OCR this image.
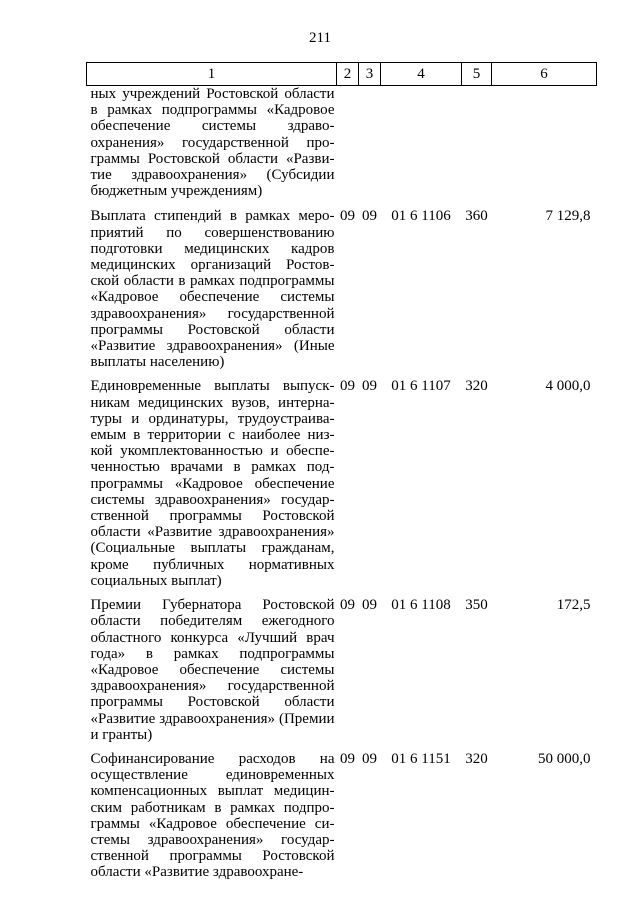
211
1	2	3	4	5	6
ных учреждений Ростовской области в рамках подпрограммы «Кадровое обеспечение системы здравоохранения» государственной программы Ростовской области «Развитие здравоохранения» (Субсидии бюджетным учреждениям)					
Выплата стипендий в рамках мероприятий по совершенствованию подготовки медицинских кадров медицинских организаций Ростовской области в рамках подпрограммы «Кадровое обеспечение системы здравоохранения» государственной программы Ростовской области «Развитие здравоохранения» (Иные выплаты населению)	09	09	01 6 1106	360	7 129,8
Единовременные выплаты выпускникам медицинских вузов, интернатуры и ординатуры, трудоустраиваемым в территории с наиболее низкой укомплектованностью и обеспеченностью врачами в рамках подпрограммы «Кадровое обеспечение системы здравоохранения» государственной программы Ростовской области «Развитие здравоохранения» (Социальные выплаты гражданам, кроме публичных нормативных социальных выплат)	09	09	01 6 1107	320	4 000,0
Премии Губернатора Ростовской области победителям ежегодного областного конкурса «Лучший врач года» в рамках подпрограммы «Кадровое обеспечение системы здравоохранения» государственной программы Ростовской области «Развитие здравоохранения» (Премии и гранты)	09	09	01 6 1108	350	172,5
Софинансирование расходов на осуществление единовременных компенсационных выплат медицинским работникам в рамках подпрограммы «Кадровое обеспечение системы здравоохранения» государственной программы Ростовской области «Развитие здравоохране-	09	09	01 6 1151	320	50 000,0
